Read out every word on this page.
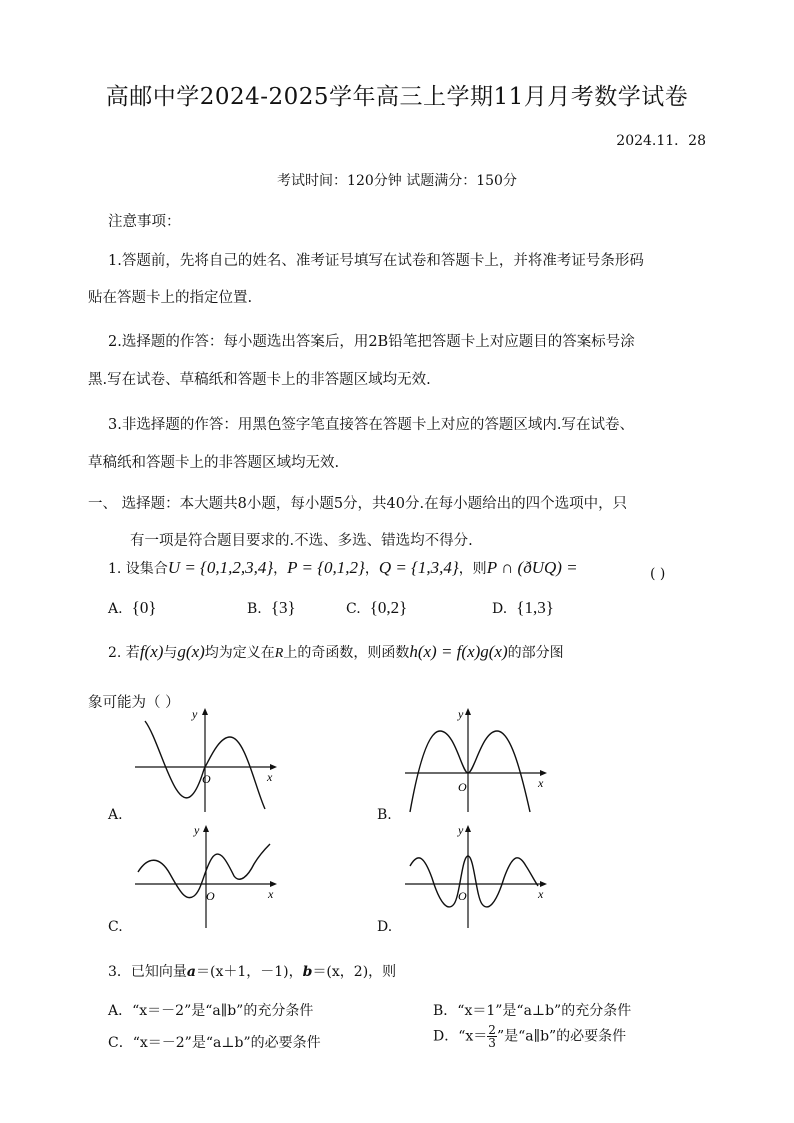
高邮中学2024-2025学年高三上学期11月月考数学试卷
2024.11．28
考试时间：120分钟 试题满分：150分
注意事项：
1.答题前，先将自己的姓名、准考证号填写在试卷和答题卡上，并将准考证号条形码
贴在答题卡上的指定位置.
2.选择题的作答：每小题选出答案后，用2B铅笔把答题卡上对应题目的答案标号涂
黑.写在试卷、草稿纸和答题卡上的非答题区域均无效.
3.非选择题的作答：用黑色签字笔直接答在答题卡上对应的答题区域内.写在试卷、
草稿纸和答题卡上的非答题区域均无效.
一、 选择题：本大题共8小题，每小题5分，共40分.在每小题给出的四个选项中，只
有一项是符合题目要求的.不选、多选、错选均不得分.
1. 设集合U = {0,1,2,3,4}，P = {0,1,2}，Q = {1,3,4}，则P ∩ (ðUQ) =	( )
A. {0}	B. {3}	C. {0,2}	D. {1,3}
2. 若f(x)与g(x)均为定义在R上的奇函数，则函数h(x) = f(x)g(x)的部分图
象可能为（ ）
y
x
O
A.
y
x
O
B.
y
x
O
C.
y
x
O
D.
3．已知向量a＝(x＋1，－1)，b＝(x，2)，则
A．“x＝－2”是“a∥b”的充分条件	B．“x＝1”是“a⊥b”的充分条件
C．“x＝－2”是“a⊥b”的必要条件	D．“$x= \frac{2}{3}$ ”是“a∥b”的必要条件
